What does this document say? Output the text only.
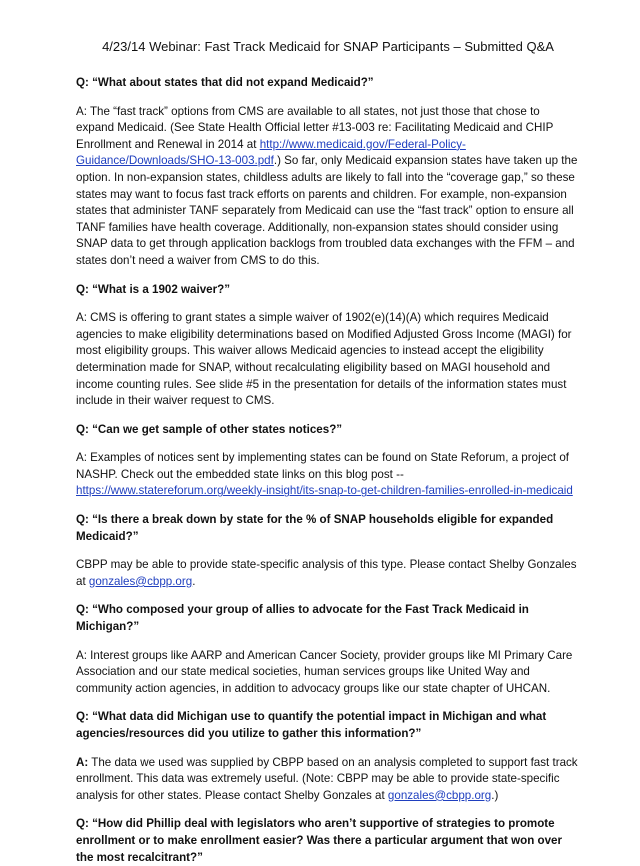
4/23/14 Webinar: Fast Track Medicaid for SNAP Participants – Submitted Q&A
Q: “What about states that did not expand Medicaid?”
A: The “fast track” options from CMS are available to all states, not just those that chose to expand Medicaid. (See State Health Official letter #13-003 re: Facilitating Medicaid and CHIP Enrollment and Renewal in 2014 at http://www.medicaid.gov/Federal-Policy-Guidance/Downloads/SHO-13-003.pdf.) So far, only Medicaid expansion states have taken up the option. In non-expansion states, childless adults are likely to fall into the “coverage gap,” so these states may want to focus fast track efforts on parents and children. For example, non-expansion states that administer TANF separately from Medicaid can use the “fast track” option to ensure all TANF families have health coverage. Additionally, non-expansion states should consider using SNAP data to get through application backlogs from troubled data exchanges with the FFM – and states don’t need a waiver from CMS to do this.
Q: “What is a 1902 waiver?”
A: CMS is offering to grant states a simple waiver of 1902(e)(14)(A) which requires Medicaid agencies to make eligibility determinations based on Modified Adjusted Gross Income (MAGI) for most eligibility groups. This waiver allows Medicaid agencies to instead accept the eligibility determination made for SNAP, without recalculating eligibility based on MAGI household and income counting rules. See slide #5 in the presentation for details of the information states must include in their waiver request to CMS.
Q: “Can we get sample of other states notices?”
A: Examples of notices sent by implementing states can be found on State Reforum, a project of NASHP. Check out the embedded state links on this blog post -- https://www.statereforum.org/weekly-insight/its-snap-to-get-children-families-enrolled-in-medicaid
Q: “Is there a break down by state for the % of SNAP households eligible for expanded Medicaid?”
CBPP may be able to provide state-specific analysis of this type. Please contact Shelby Gonzales at gonzales@cbpp.org.
Q: “Who composed your group of allies to advocate for the Fast Track Medicaid in Michigan?”
A: Interest groups like AARP and American Cancer Society, provider groups like MI Primary Care Association and our state medical societies, human services groups like United Way and community action agencies, in addition to advocacy groups like our state chapter of UHCAN.
Q: “What data did Michigan use to quantify the potential impact in Michigan and what agencies/resources did you utilize to gather this information?”
A: The data we used was supplied by CBPP based on an analysis completed to support fast track enrollment. This data was extremely useful. (Note: CBPP may be able to provide state-specific analysis for other states. Please contact Shelby Gonzales at gonzales@cbpp.org.)
Q: “How did Phillip deal with legislators who aren’t supportive of strategies to promote enrollment or to make enrollment easier? Was there a particular argument that won over the most recalcitrant?”
